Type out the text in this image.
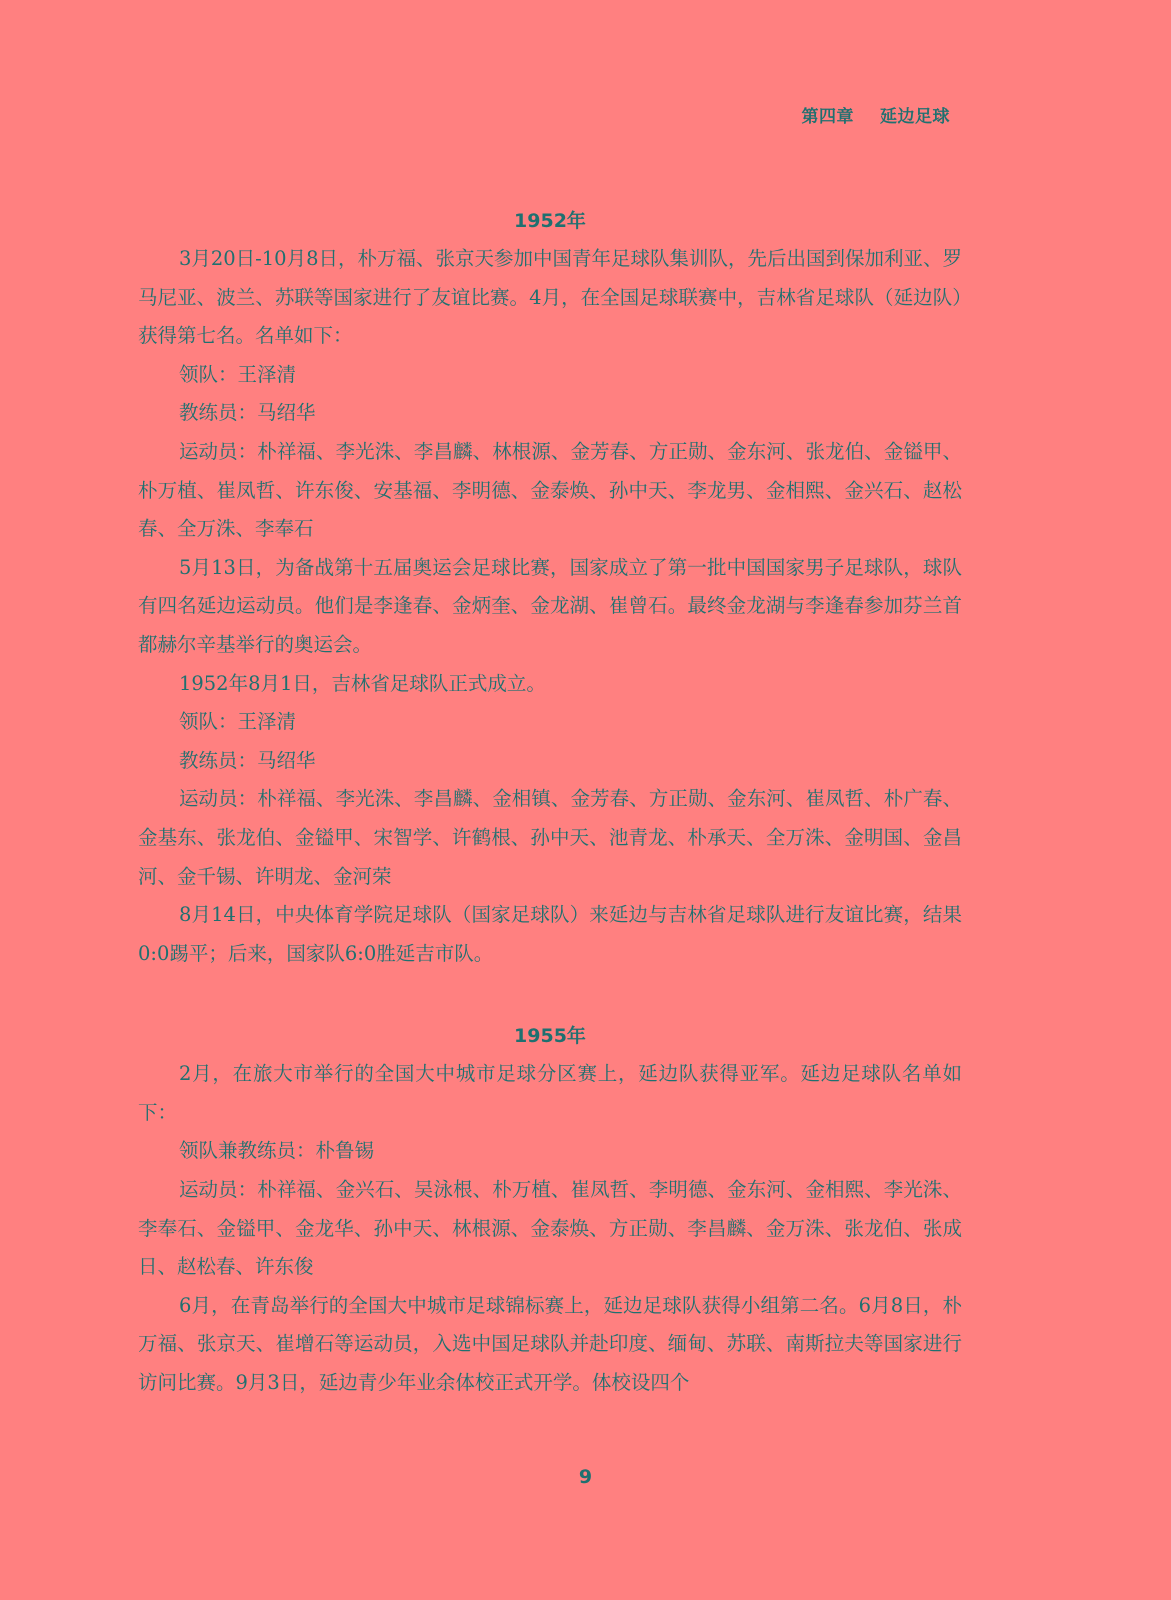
第四章 延边足球
1952年

3月20日-10月8日，朴万福、张京天参加中国青年足球队集训队，先后出国到保加利亚、罗马尼亚、波兰、苏联等国家进行了友谊比赛。4月，在全国足球联赛中，吉林省足球队（延边队）获得第七名。名单如下：

领队：王泽清

教练员：马绍华

运动员：朴祥福、李光洙、李昌麟、林根源、金芳春、方正勋、金东河、张龙伯、金镒甲、朴万植、崔凤哲、许东俊、安基福、李明德、金泰焕、孙中天、李龙男、金相熙、金兴石、赵松春、全万洙、李奉石

5月13日，为备战第十五届奥运会足球比赛，国家成立了第一批中国国家男子足球队，球队有四名延边运动员。他们是李逢春、金炳奎、金龙湖、崔曾石。最终金龙湖与李逢春参加芬兰首都赫尔辛基举行的奥运会。

1952年8月1日，吉林省足球队正式成立。

领队：王泽清

教练员：马绍华

运动员：朴祥福、李光洙、李昌麟、金相镇、金芳春、方正勋、金东河、崔凤哲、朴广春、金基东、张龙伯、金镒甲、宋智学、许鹤根、孙中天、池青龙、朴承天、全万洙、金明国、金昌河、金千锡、许明龙、金河荣

8月14日，中央体育学院足球队（国家足球队）来延边与吉林省足球队进行友谊比赛，结果0:0踢平；后来，国家队6:0胜延吉市队。

1955年

2月，在旅大市举行的全国大中城市足球分区赛上，延边队获得亚军。延边足球队名单如下：

领队兼教练员：朴鲁锡

运动员：朴祥福、金兴石、吴泳根、朴万植、崔凤哲、李明德、金东河、金相熙、李光洙、李奉石、金镒甲、金龙华、孙中天、林根源、金泰焕、方正勋、李昌麟、金万洙、张龙伯、张成日、赵松春、许东俊

6月，在青岛举行的全国大中城市足球锦标赛上，延边足球队获得小组第二名。6月8日，朴万福、张京天、崔增石等运动员，入选中国足球队并赴印度、缅甸、苏联、南斯拉夫等国家进行访问比赛。9月3日，延边青少年业余体校正式开学。体校设四个

9
